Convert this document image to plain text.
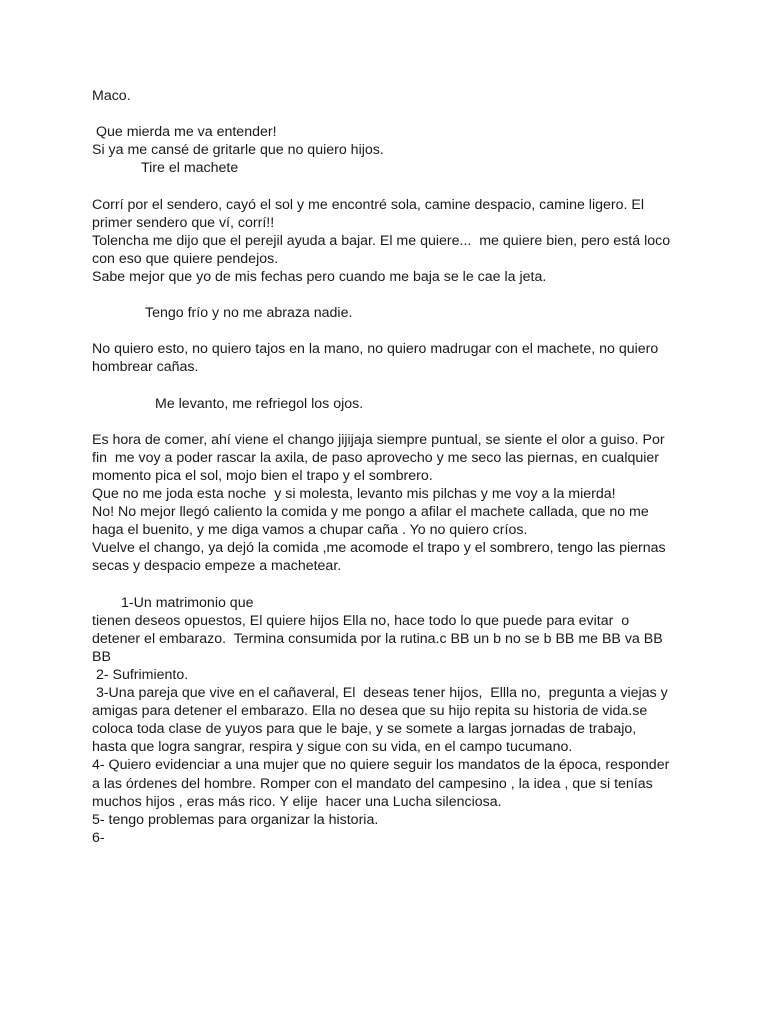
Maco.
Que mierda me va entender!
Si ya me cansé de gritarle que no quiero hijos.
Tire el machete
Corrí por el sendero, cayó el sol y me encontré sola, camine despacio, camine ligero. El
primer sendero que ví, corrí!!
Tolencha me dijo que el perejil ayuda a bajar. El me quiere...  me quiere bien, pero está loco
con eso que quiere pendejos.
Sabe mejor que yo de mis fechas pero cuando me baja se le cae la jeta.
Tengo frío y no me abraza nadie.
No quiero esto, no quiero tajos en la mano, no quiero madrugar con el machete, no quiero
hombrear cañas.
Me levanto, me refriegol los ojos.
Es hora de comer, ahí viene el chango jijijaja siempre puntual, se siente el olor a guiso. Por
fin  me voy a poder rascar la axila, de paso aprovecho y me seco las piernas, en cualquier
momento pica el sol, mojo bien el trapo y el sombrero.
Que no me joda esta noche  y si molesta, levanto mis pilchas y me voy a la mierda!
No! No mejor llegó caliento la comida y me pongo a afilar el machete callada, que no me
haga el buenito, y me diga vamos a chupar caña . Yo no quiero críos.
Vuelve el chango, ya dejó la comida ,me acomode el trapo y el sombrero, tengo las piernas
secas y despacio empeze a machetear.
1-Un matrimonio que
tienen deseos opuestos, El quiere hijos Ella no, hace todo lo que puede para evitar  o
detener el embarazo.  Termina consumida por la rutina.c BB un b no se b BB me BB va BB
BB
2- Sufrimiento.
3-Una pareja que vive en el cañaveral, El  deseas tener hijos,  Ellla no,  pregunta a viejas y
amigas para detener el embarazo. Ella no desea que su hijo repita su historia de vida.se
coloca toda clase de yuyos para que le baje, y se somete a largas jornadas de trabajo,
hasta que logra sangrar, respira y sigue con su vida, en el campo tucumano.
4- Quiero evidenciar a una mujer que no quiere seguir los mandatos de la época, responder
a las órdenes del hombre. Romper con el mandato del campesino , la idea , que si tenías
muchos hijos , eras más rico. Y elije  hacer una Lucha silenciosa.
5- tengo problemas para organizar la historia.
6-
